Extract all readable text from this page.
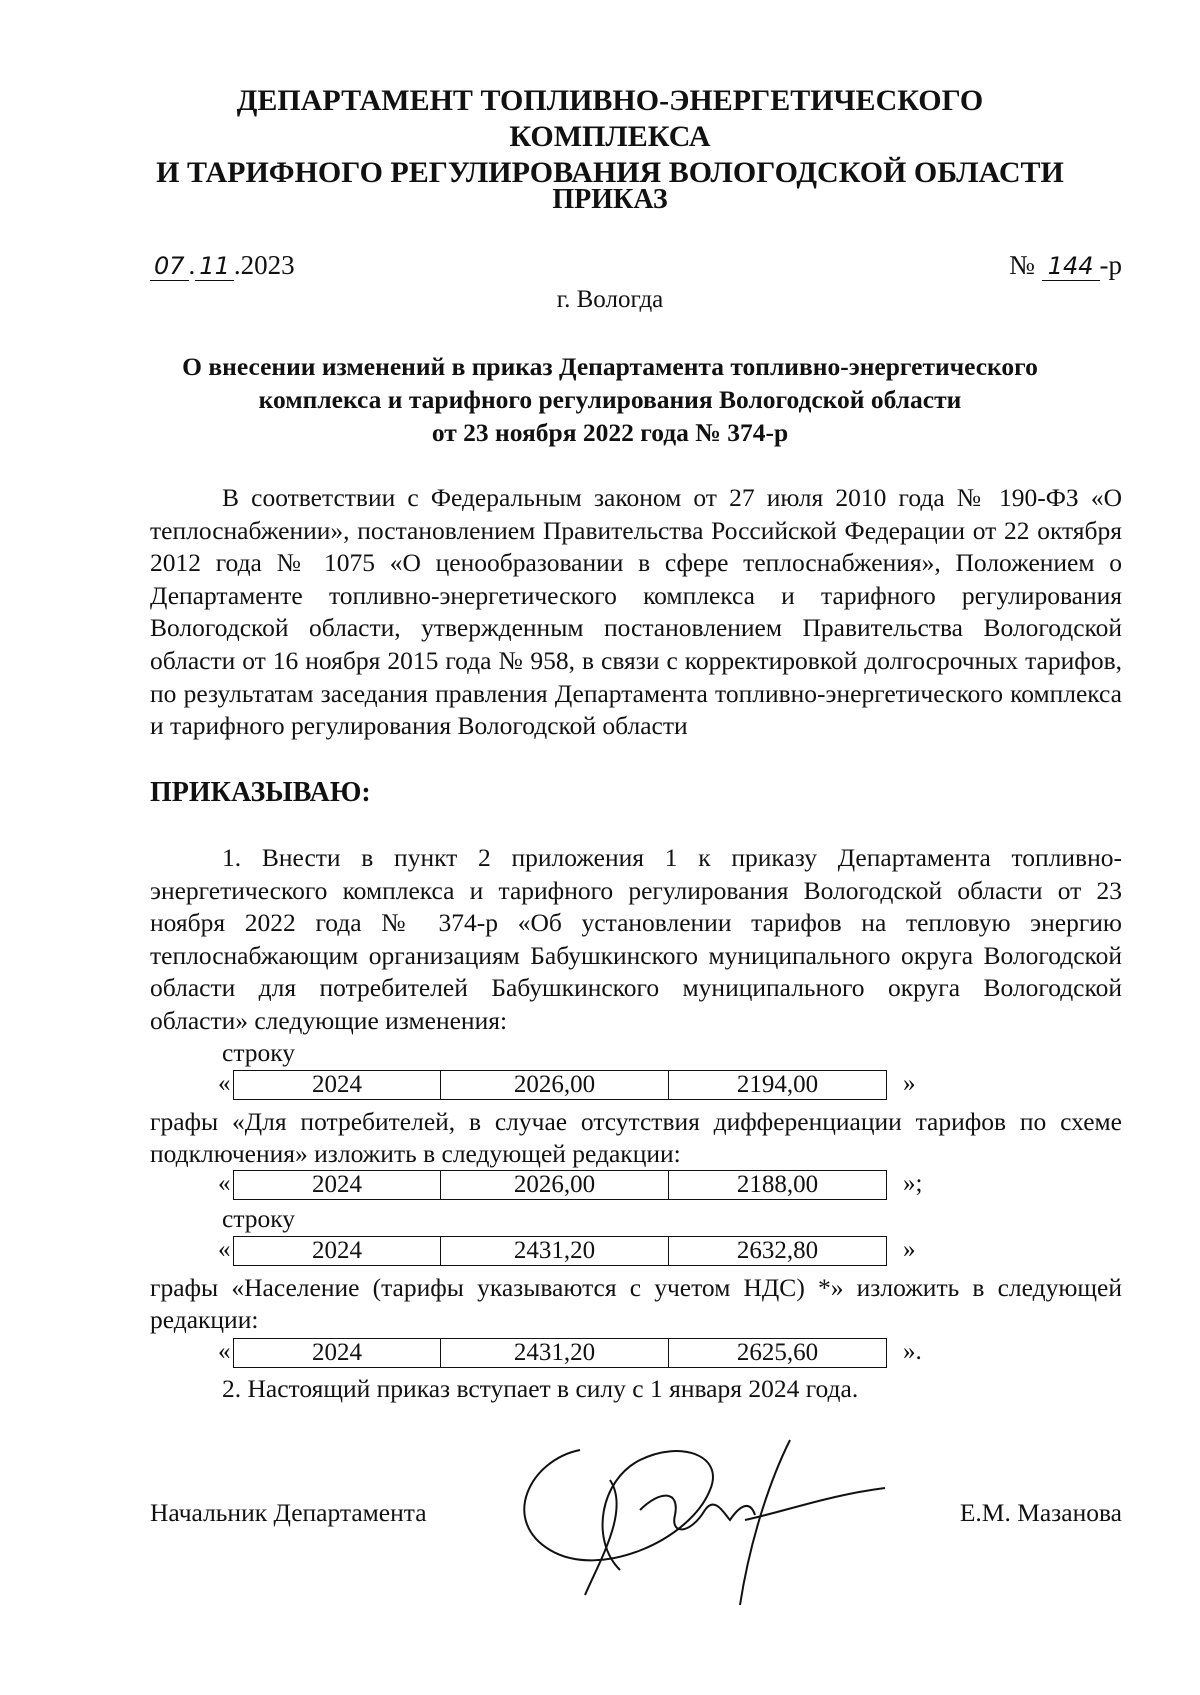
ДЕПАРТАМЕНТ ТОПЛИВНО-ЭНЕРГЕТИЧЕСКОГО КОМПЛЕКСА
И ТАРИФНОГО РЕГУЛИРОВАНИЯ ВОЛОГОДСКОЙ ОБЛАСТИ
ПРИКАЗ
07 . 11 .2023	№ 144 -р
г. Вологда
О внесении изменений в приказ Департамента топливно-энергетического
комплекса и тарифного регулирования Вологодской области
от 23 ноября 2022 года № 374-р
В соответствии с Федеральным законом от 27 июля 2010 года № 190-ФЗ «О теплоснабжении», постановлением Правительства Российской Федерации от 22 октября 2012 года № 1075 «О ценообразовании в сфере теплоснабжения», Положением о Департаменте топливно-энергетического комплекса и тарифного регулирования Вологодской области, утвержденным постановлением Правительства Вологодской области от 16 ноября 2015 года № 958, в связи с корректировкой долгосрочных тарифов, по результатам заседания правления Департамента топливно-энергетического комплекса и тарифного регулирования Вологодской области
ПРИКАЗЫВАЮ:
1. Внести в пункт 2 приложения 1 к приказу Департамента топливно-энергетического комплекса и тарифного регулирования Вологодской области от 23 ноября 2022 года № 374-р «Об установлении тарифов на тепловую энергию теплоснабжающим организациям Бабушкинского муниципального округа Вологодской области для потребителей Бабушкинского муниципального округа Вологодской области» следующие изменения:
строку
«	2024	2026,00	2194,00	»
графы «Для потребителей, в случае отсутствия дифференциации тарифов по схеме подключения» изложить в следующей редакции:
«	2024	2026,00	2188,00	»;
строку
«	2024	2431,20	2632,80	»
графы «Население (тарифы указываются с учетом НДС) *» изложить в следующей редакции:
«	2024	2431,20	2625,60	».
2. Настоящий приказ вступает в силу с 1 января 2024 года.
Начальник Департамента	Е.М. Мазанова
